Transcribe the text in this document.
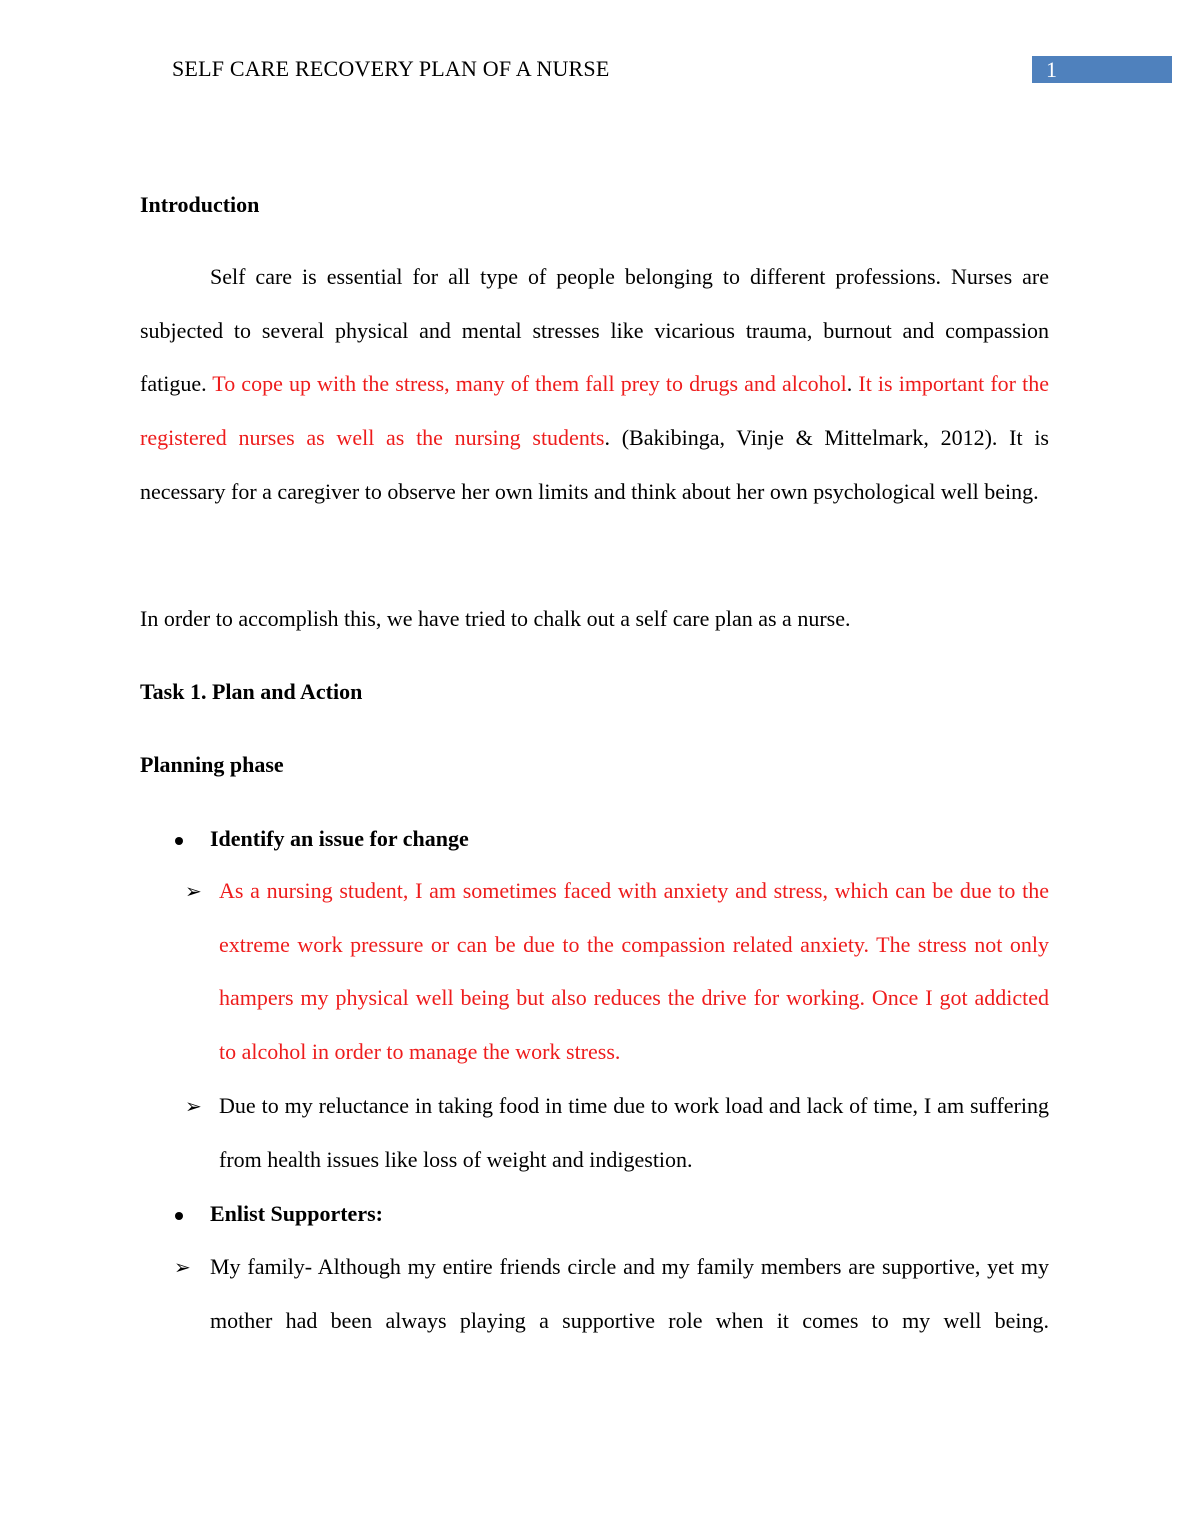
SELF CARE RECOVERY PLAN OF A NURSE	1
Introduction
Self care is essential for all type of people belonging to different professions. Nurses are subjected to several physical and mental stresses like vicarious trauma, burnout and compassion fatigue. To cope up with the stress, many of them fall prey to drugs and alcohol. It is important for the registered nurses as well as the nursing students. (Bakibinga, Vinje & Mittelmark, 2012). It is necessary for a caregiver to observe her own limits and think about her own psychological well being.
In order to accomplish this, we have tried to chalk out a self care plan as a nurse.
Task 1. Plan and Action
Planning phase
Identify an issue for change
➢ As a nursing student, I am sometimes faced with anxiety and stress, which can be due to the extreme work pressure or can be due to the compassion related anxiety. The stress not only hampers my physical well being but also reduces the drive for working. Once I got addicted to alcohol in order to manage the work stress.
➢ Due to my reluctance in taking food in time due to work load and lack of time, I am suffering from health issues like loss of weight and indigestion.
Enlist Supporters:
➢ My family- Although my entire friends circle and my family members are supportive, yet my mother had been always playing a supportive role when it comes to my well being.
